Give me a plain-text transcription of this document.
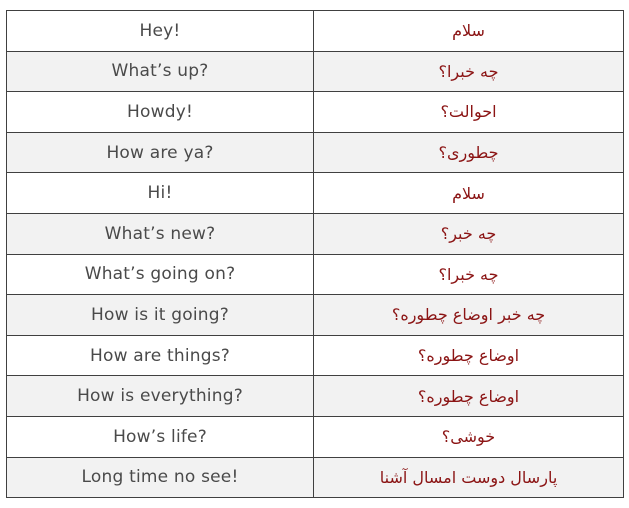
Hey!	سلام
What’s up?	چه خبرا؟
Howdy!	احوالت؟
How are ya?	چطوری؟
Hi!	سلام
What’s new?	چه خبر؟
What’s going on?	چه خبرا؟
How is it going?	چه خبر اوضاع چطوره؟
How are things?	اوضاع چطوره؟
How is everything?	اوضاع چطوره؟
How’s life?	خوشی؟
Long time no see!	پارسال دوست امسال آشنا
